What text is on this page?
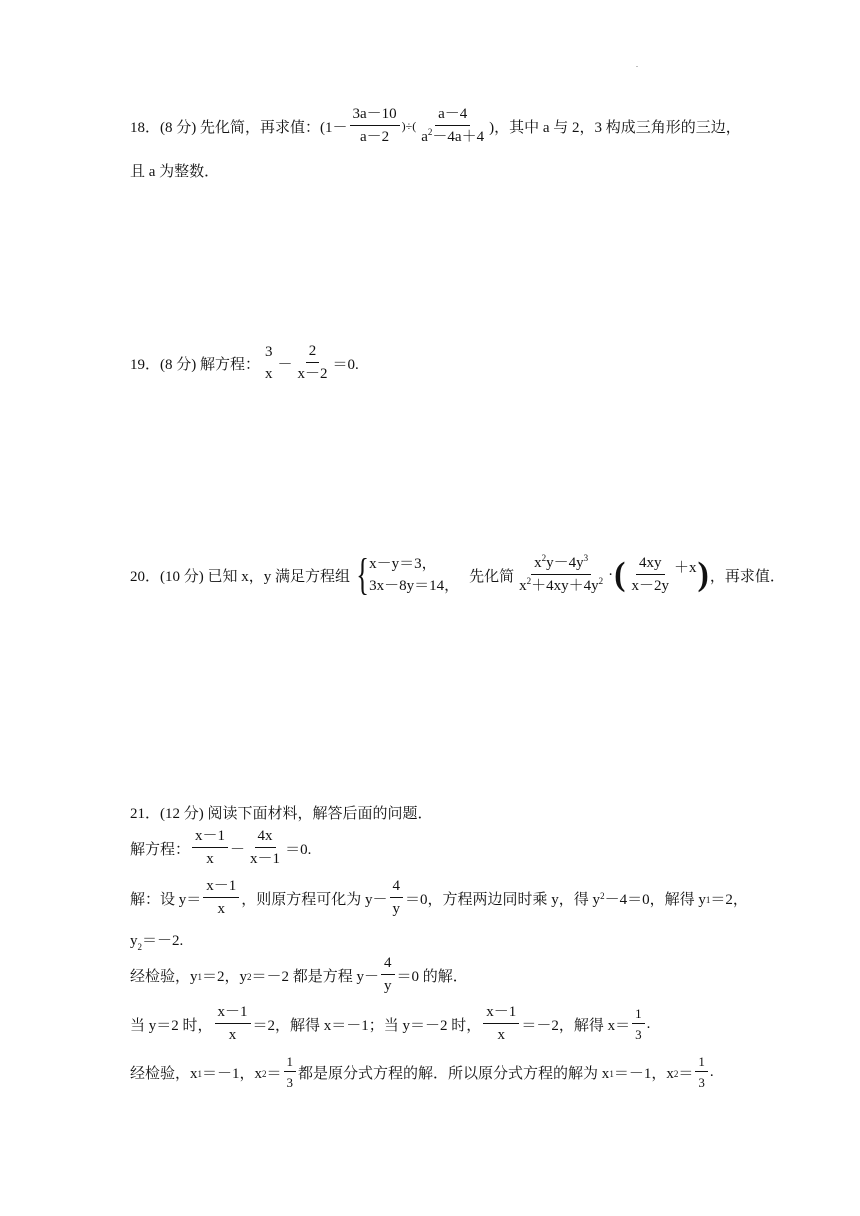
.
18．(8 分) 先化简，再求值：($1- \frac{3a-10}{a-2}$ )÷( $\frac{a-4}{a^2-4a+4}$ )，其中 a 与 2，3 构成三角形的三边，
且 a 为整数．
19．(8 分) 解方程：
3
x
－ $\frac{2}{x-2} =0$.
20．(10 分) 已知 x，y 满足方程组 { x－y＝3，
3x－8y＝14，
先化简 $\frac{x^2y-4y^3}{x^2+4xy+4y^2}$ · ( $\frac{4xy}{x-2y} +x$ ) ，再求值．
21．(12 分) 阅读下面材料，解答后面的问题．
解方程： $\frac{x-1}{x} - \frac{4x}{x-1} =0$.
解：设 $y= \frac{x-1}{x}$ ，则原方程可化为 $y- \frac{4}{y} =0$，方程两边同时乘 y，得 $y^2 -4=0$，解得 $y_1 =2$，
$y_2=-2$.
经检验，$y_1 =2$，$y_2 =-2$ 都是方程 $y- \frac{4}{y} =0$ 的解．
当 y＝2 时， $\frac{x-1}{x} =2$，解得 x＝－1；当 y＝－2 时， $\frac{x-1}{x} =-2$，解得 $x= \frac{1}{3}$ .
经检验，$x_1 =-1$，$x_2 = \frac{1}{3}$ 都是原分式方程的解．所以原分式方程的解为 $x_1 =-1$，$x_2 = \frac{1}{3}$ .
